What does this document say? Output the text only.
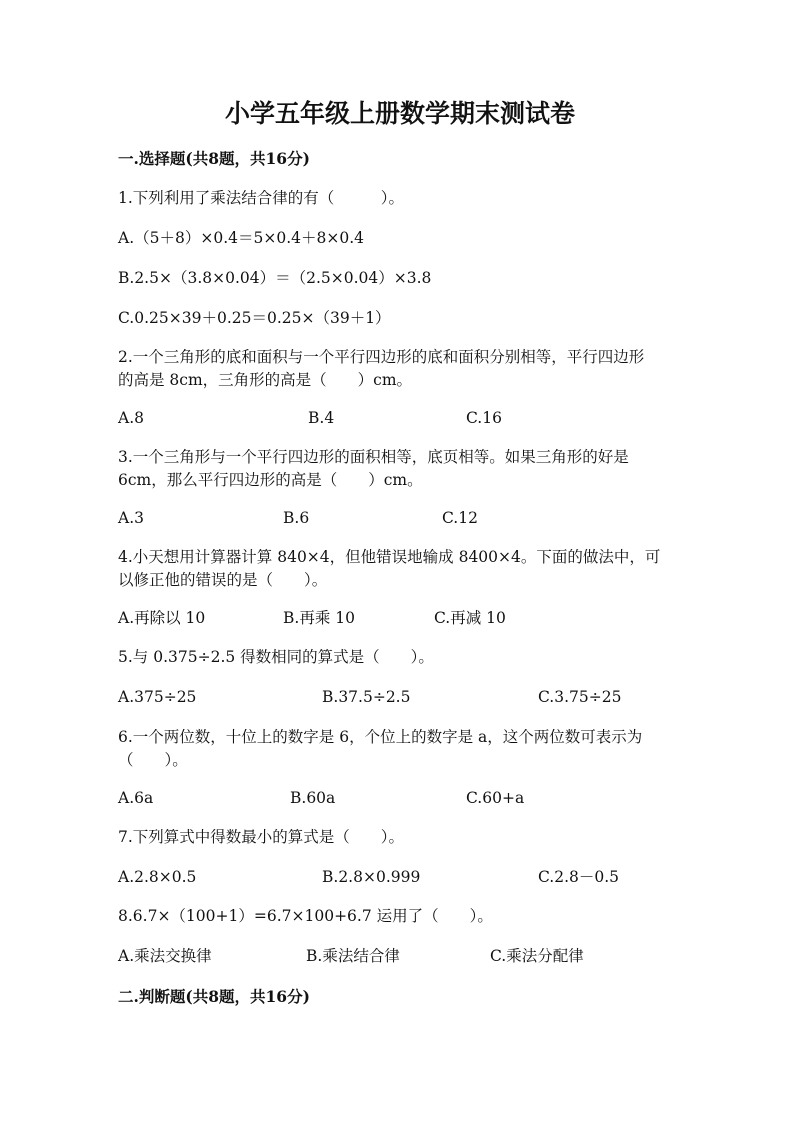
小学五年级上册数学期末测试卷
一.选择题(共8题，共16分)
1.下列利用了乘法结合律的有（　　　）。
A.（5＋8）×0.4＝5×0.4＋8×0.4
B.2.5×（3.8×0.04）＝（2.5×0.04）×3.8
C.0.25×39＋0.25＝0.25×（39＋1）
2.一个三角形的底和面积与一个平行四边形的底和面积分别相等，平行四边形
的高是 8cm，三角形的高是（　　）cm。
A.8	B.4	C.16
3.一个三角形与一个平行四边形的面积相等，底页相等。如果三角形的好是
6cm，那么平行四边形的高是（　　）cm。
A.3	B.6	C.12
4.小天想用计算器计算 840×4，但他错误地输成 8400×4。下面的做法中，可
以修正他的错误的是（　　）。
A.再除以 10	B.再乘 10	C.再减 10
5.与 0.375÷2.5 得数相同的算式是（　　）。
A.375÷25	B.37.5÷2.5	C.3.75÷25
6.一个两位数，十位上的数字是 6，个位上的数字是 a，这个两位数可表示为
（　　）。
A.6a	B.60a	C.60+a
7.下列算式中得数最小的算式是（　　）。
A.2.8×0.5	B.2.8×0.999	C.2.8－0.5
8.6.7×（100+1）=6.7×100+6.7 运用了（　　）。
A.乘法交换律	B.乘法结合律	C.乘法分配律
二.判断题(共8题，共16分)
